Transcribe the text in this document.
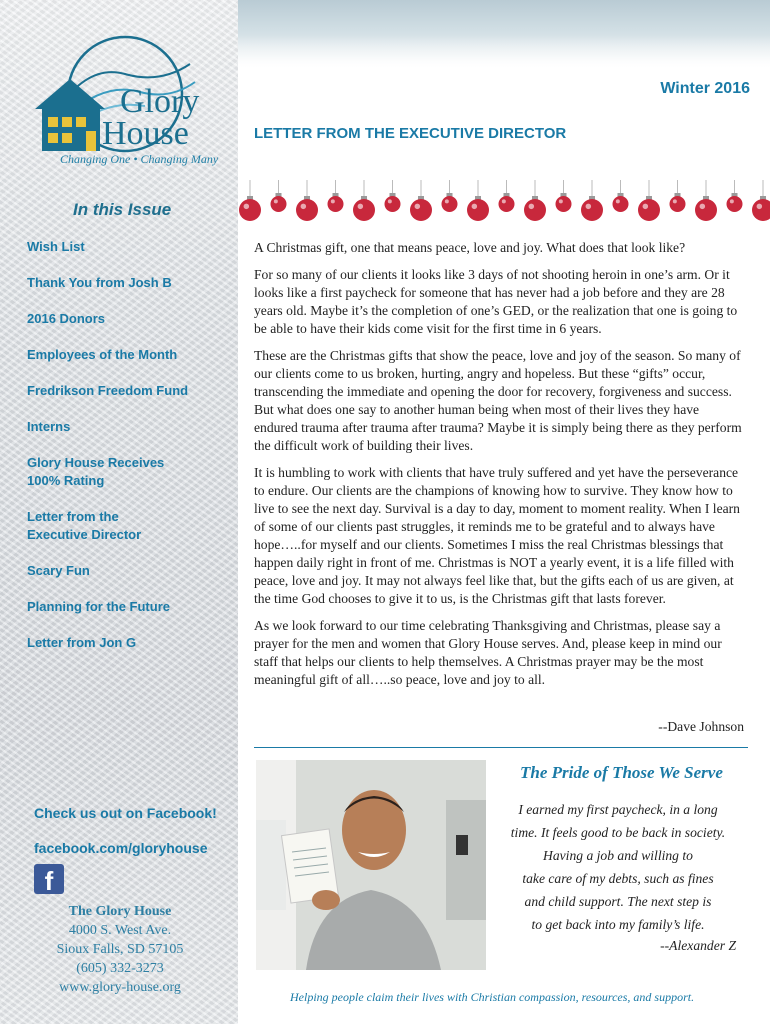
Glory
House
Changing One • Changing Many
In this Issue
Wish List
Thank You from Josh B
2016 Donors
Employees of the Month
Fredrikson Freedom Fund
Interns
Glory House Receives
100% Rating
Letter from the
Executive Director
Scary Fun
Planning for the Future
Letter from Jon G
Check us out on Facebook!
facebook.com/gloryhouse
f
The Glory House
4000 S. West Ave.
Sioux Falls, SD 57105
(605) 332-3273
www.glory-house.org
Winter 2016
LETTER FROM THE EXECUTIVE DIRECTOR

A Christmas gift, one that means peace, love and joy. What does that look like?

For so many of our clients it looks like 3 days of not shooting heroin in one’s arm. Or it looks like a first paycheck for someone that has never had a job before and they are 28 years old. Maybe it’s the completion of one’s GED, or the realization that one is going to be able to have their kids come visit for the first time in 6 years.

These are the Christmas gifts that show the peace, love and joy of the season. So many of our clients come to us broken, hurting, angry and hopeless. But these “gifts” occur, transcending the immediate and opening the door for recovery, forgiveness and success. But what does one say to another human being when most of their lives they have endured trauma after trauma after trauma? Maybe it is simply being there as they perform the difficult work of building their lives.

It is humbling to work with clients that have truly suffered and yet have the perseverance to endure. Our clients are the champions of knowing how to survive. They know how to live to see the next day. Survival is a day to day, moment to moment reality. When I learn of some of our clients past struggles, it reminds me to be grateful and to always have hope…..for myself and our clients. Sometimes I miss the real Christmas blessings that happen daily right in front of me. Christmas is NOT a yearly event, it is a life filled with peace, love and joy. It may not always feel like that, but the gifts each of us are given, at the time God chooses to give it to us, is the Christmas gift that lasts forever.

As we look forward to our time celebrating Thanksgiving and Christmas, please say a prayer for the men and women that Glory House serves. And, please keep in mind our staff that helps our clients to help themselves. A Christmas prayer may be the most meaningful gift of all…..so peace, love and joy to all.

--Dave Johnson
The Pride of Those We Serve
I earned my first paycheck, in a long
time. It feels good to be back in society.
Having a job and willing to
take care of my debts, such as fines
and child support. The next step is
to get back into my family’s life.
--Alexander Z
Helping people claim their lives with Christian compassion, resources, and support.
